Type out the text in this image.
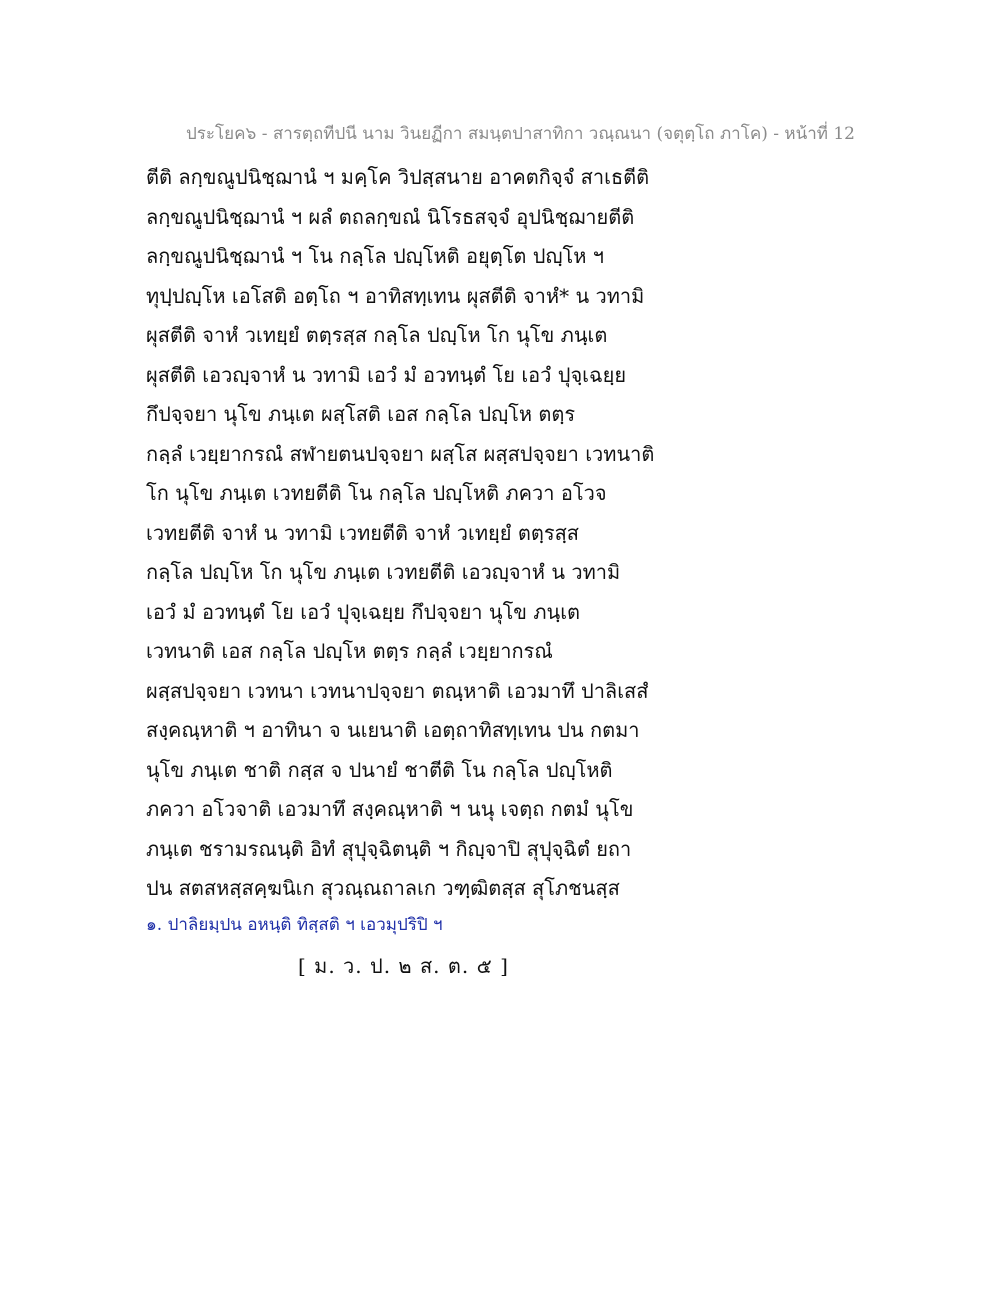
ประโยค๖ - สารตฺถทีปนี นาม วินยฏีกา สมนฺตปาสาทิกา วณฺณนา (จตุตฺโถ ภาโค) - หน้าที่ 12
ตีติ ลกฺขณูปนิชฺฌานํ ฯ มคฺโค วิปสฺสนาย อาคตกิจฺจํ สาเธตีติ
ลกฺขณูปนิชฺฌานํ ฯ ผลํ ตถลกฺขณํ นิโรธสจฺจํ อุปนิชฺฌายตีติ
ลกฺขณูปนิชฺฌานํ ฯ โน กลฺโล ปญฺโหติ อยุตฺโต ปญฺโห ฯ
ทุปฺปญฺโห เอโสติ อตฺโถ ฯ อาทิสทฺเทน ผุสตีติ จาหํ* น วทามิ
ผุสตีติ จาหํ วเทยฺยํ ตตฺรสฺส กลฺโล ปญฺโห โก นุโข ภนฺเต
ผุสตีติ เอวญฺจาหํ น วทามิ เอวํ มํ อวทนฺตํ โย เอวํ ปุจฺเฉยฺย
กึปจฺจยา นุโข ภนฺเต ผสฺโสติ เอส กลฺโล ปญฺโห ตตฺร
กลฺลํ เวยฺยากรณํ สฬายตนปจฺจยา ผสฺโส ผสฺสปจฺจยา เวทนาติ
โก นุโข ภนฺเต เวทยตีติ โน กลฺโล ปญฺโหติ ภควา อโวจ
เวทยตีติ จาหํ น วทามิ เวทยตีติ จาหํ วเทยฺยํ ตตฺรสฺส
กลฺโล ปญฺโห โก นุโข ภนฺเต เวทยตีติ เอวญฺจาหํ น วทามิ
เอวํ มํ อวทนฺตํ โย เอวํ ปุจฺเฉยฺย กึปจฺจยา นุโข ภนฺเต
เวทนาติ เอส กลฺโล ปญฺโห ตตฺร กลฺลํ เวยฺยากรณํ
ผสฺสปจฺจยา เวทนา เวทนาปจฺจยา ตณฺหาติ เอวมาทึ ปาลิเสสํ
สงฺคณฺหาติ ฯ อาทินา จ นเยนาติ เอตฺถาทิสทฺเทน ปน กตมา
นุโข ภนฺเต ชาติ กสฺส จ ปนายํ ชาตีติ โน กลฺโล ปญฺโหติ
ภควา อโวจาติ เอวมาทึ สงฺคณฺหาติ ฯ นนุ เจตฺถ กตมํ นุโข
ภนฺเต ชรามรณนฺติ อิทํ สุปุจฺฉิตนฺติ ฯ กิญฺจาปิ สุปุจฺฉิตํ ยถา
ปน สตสหสฺสคฺฆนิเก สุวณฺณถาลเก วฑฺฒิตสฺส สุโภชนสฺส
๑. ปาลิยมฺปน อหนฺติ ทิสฺสติ ฯ เอวมุปริปิ ฯ
[ ม. ว. ป. ๒ ส. ต. ๕ ]
